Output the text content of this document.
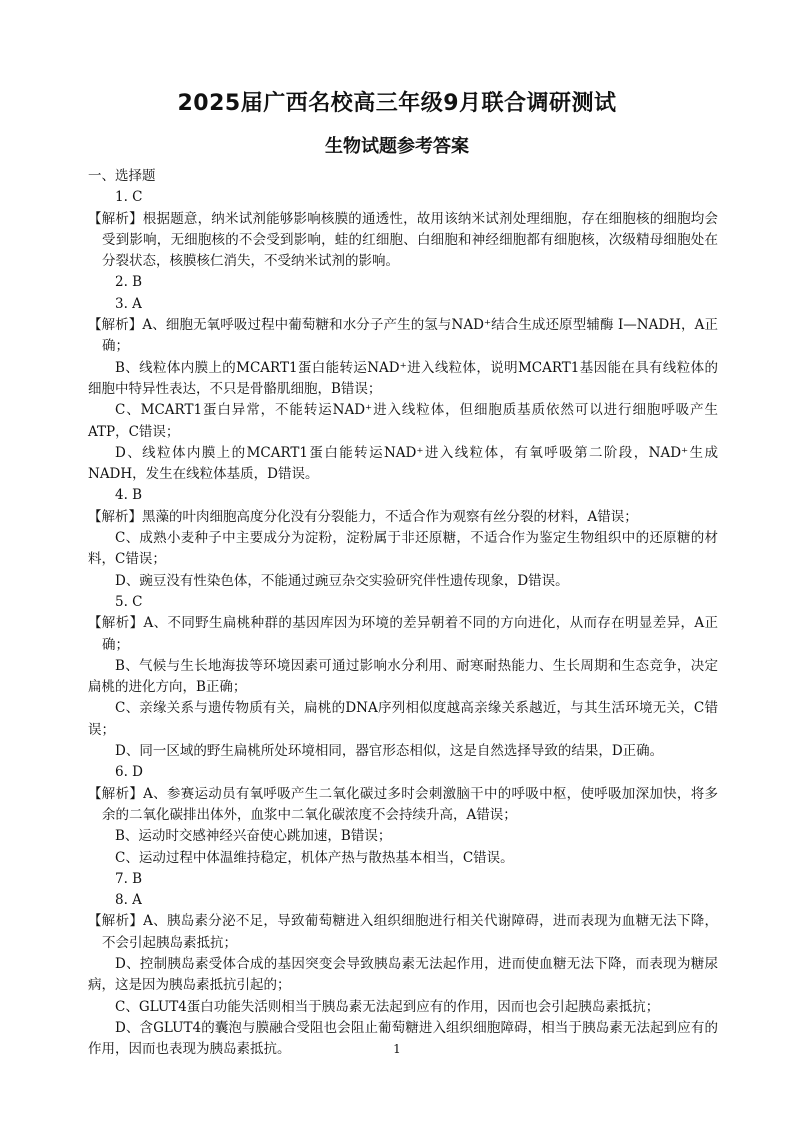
2025届广西名校高三年级9月联合调研测试
生物试题参考答案

一、选择题

1. C

【解析】根据题意，纳米试剂能够影响核膜的通透性，故用该纳米试剂处理细胞，存在细胞核的细胞均会受到影响，无细胞核的不会受到影响，蛙的红细胞、白细胞和神经细胞都有细胞核，次级精母细胞处在分裂状态，核膜核仁消失，不受纳米试剂的影响。

2. B

3. A

【解析】A、细胞无氧呼吸过程中葡萄糖和水分子产生的氢与NAD⁺结合生成还原型辅酶 I—NADH，A正确；

B、线粒体内膜上的MCART1蛋白能转运NAD⁺进入线粒体，说明MCART1基因能在具有线粒体的细胞中特异性表达，不只是骨骼肌细胞，B错误；

C、MCART1蛋白异常，不能转运NAD⁺进入线粒体，但细胞质基质依然可以进行细胞呼吸产生ATP，C错误；

D、线粒体内膜上的MCART1蛋白能转运NAD⁺进入线粒体，有氧呼吸第二阶段，NAD⁺生成NADH，发生在线粒体基质，D错误。

4. B

【解析】黑藻的叶肉细胞高度分化没有分裂能力，不适合作为观察有丝分裂的材料，A错误；

C、成熟小麦种子中主要成分为淀粉，淀粉属于非还原糖，不适合作为鉴定生物组织中的还原糖的材料，C错误；

D、豌豆没有性染色体，不能通过豌豆杂交实验研究伴性遗传现象，D错误。

5. C

【解析】A、不同野生扁桃种群的基因库因为环境的差异朝着不同的方向进化，从而存在明显差异，A正确；

B、气候与生长地海拔等环境因素可通过影响水分利用、耐寒耐热能力、生长周期和生态竞争，决定扁桃的进化方向，B正确；

C、亲缘关系与遗传物质有关，扁桃的DNA序列相似度越高亲缘关系越近，与其生活环境无关，C错误；

D、同一区域的野生扁桃所处环境相同，器官形态相似，这是自然选择导致的结果，D正确。

6. D

【解析】A、参赛运动员有氧呼吸产生二氧化碳过多时会刺激脑干中的呼吸中枢，使呼吸加深加快，将多余的二氧化碳排出体外，血浆中二氧化碳浓度不会持续升高，A错误；

B、运动时交感神经兴奋使心跳加速，B错误；

C、运动过程中体温维持稳定，机体产热与散热基本相当，C错误。

7. B

8. A

【解析】A、胰岛素分泌不足，导致葡萄糖进入组织细胞进行相关代谢障碍，进而表现为血糖无法下降，不会引起胰岛素抵抗；

D、控制胰岛素受体合成的基因突变会导致胰岛素无法起作用，进而使血糖无法下降，而表现为糖尿病，这是因为胰岛素抵抗引起的；

C、GLUT4蛋白功能失活则相当于胰岛素无法起到应有的作用，因而也会引起胰岛素抵抗；

D、含GLUT4的囊泡与膜融合受阻也会阻止葡萄糖进入组织细胞障碍，相当于胰岛素无法起到应有的作用，因而也表现为胰岛素抵抗。	1
